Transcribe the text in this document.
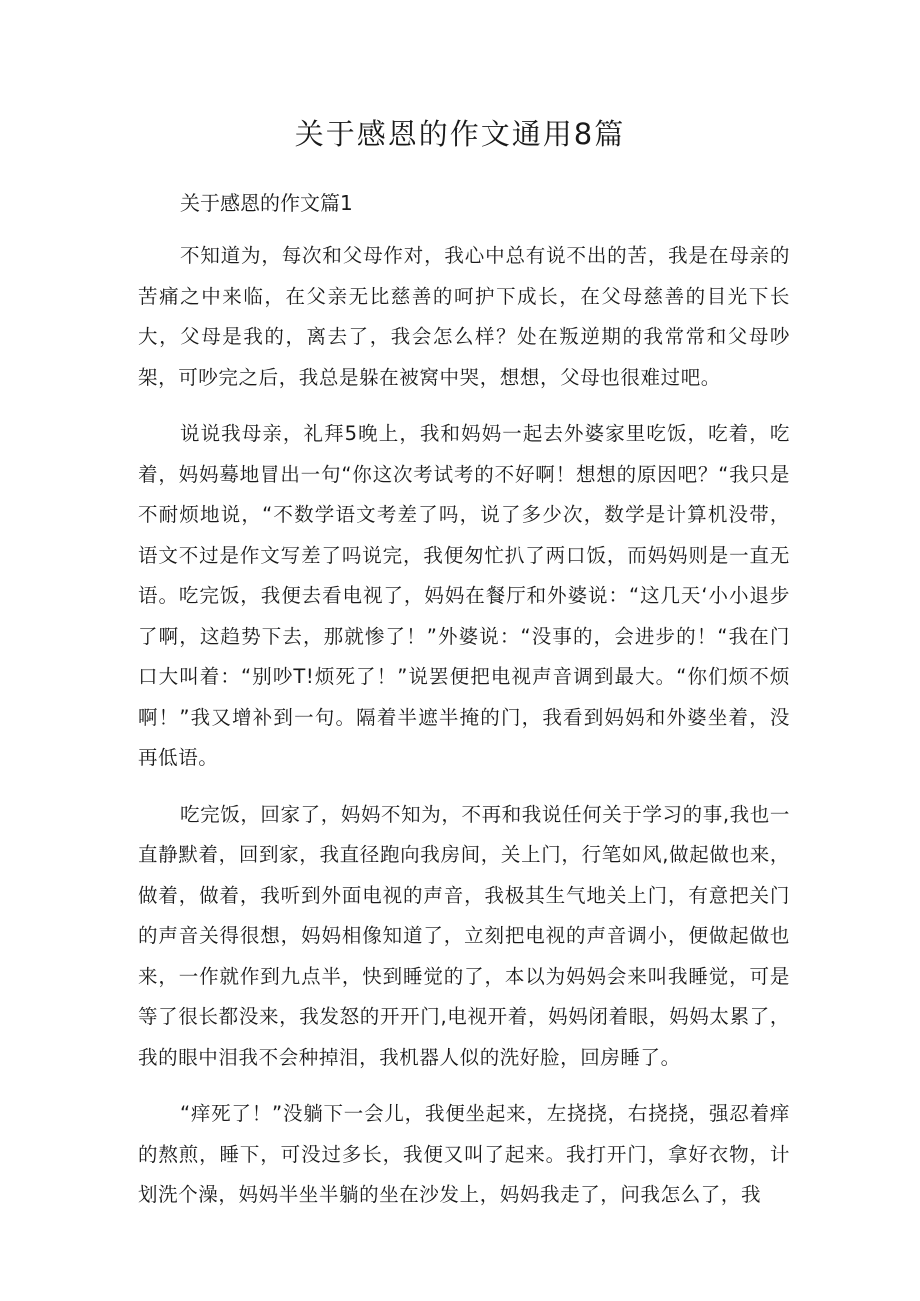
关于感恩的作文通用8篇
关于感恩的作文篇1

不知道为，每次和父母作对，我心中总有说不出的苦，我是在母亲的苦痛之中来临，在父亲无比慈善的呵护下成长，在父母慈善的目光下长大，父母是我的，离去了，我会怎么样？处在叛逆期的我常常和父母吵架，可吵完之后，我总是躲在被窝中哭，想想，父母也很难过吧。

说说我母亲，礼拜5晚上，我和妈妈一起去外婆家里吃饭，吃着，吃着，妈妈蓦地冒出一句“你这次考试考的不好啊！想想的原因吧？“我只是不耐烦地说，“不数学语文考差了吗，说了多少次，数学是计算机没带，语文不过是作文写差了吗说完，我便匆忙扒了两口饭，而妈妈则是一直无语。吃完饭，我便去看电视了，妈妈在餐厅和外婆说：“这几天‘小小退步了啊，这趋势下去，那就惨了！”外婆说：“没事的，会进步的！“我在门口大叫着：“别吵T!烦死了！”说罢便把电视声音调到最大。“你们烦不烦啊！”我又增补到一句。隔着半遮半掩的门，我看到妈妈和外婆坐着，没再低语。

吃完饭，回家了，妈妈不知为，不再和我说任何关于学习的事,我也一直静默着，回到家，我直径跑向我房间，关上门，行笔如风,做起做也来，做着，做着，我听到外面电视的声音，我极其生气地关上门，有意把关门的声音关得很想，妈妈相像知道了，立刻把电视的声音调小，便做起做也来，一作就作到九点半，快到睡觉的了，本以为妈妈会来叫我睡觉，可是等了很长都没来，我发怒的开开门,电视开着，妈妈闭着眼，妈妈太累了，我的眼中泪我不会种掉泪，我机器人似的洗好脸，回房睡了。

“痒死了！”没躺下一会儿，我便坐起来，左挠挠，右挠挠，强忍着痒的熬煎，睡下，可没过多长，我便又叫了起来。我打开门，拿好衣物，计划洗个澡，妈妈半坐半躺的坐在沙发上，妈妈我走了，问我怎么了，我
